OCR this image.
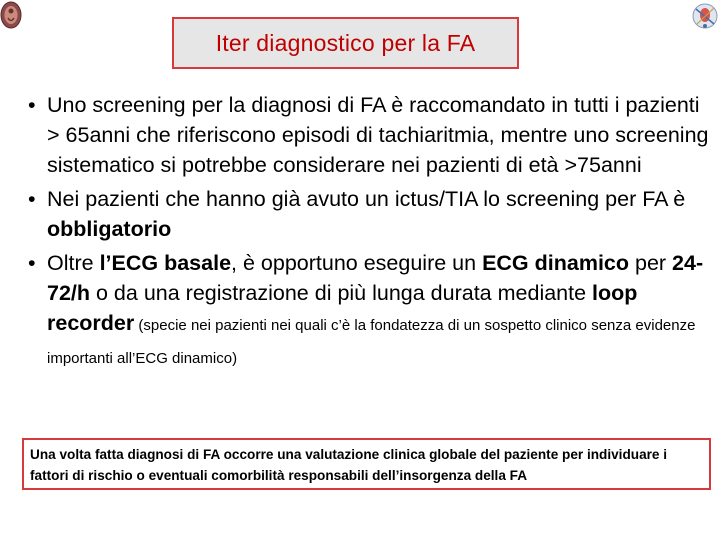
Iter diagnostico per la FA
• Uno screening per la diagnosi di FA è raccomandato in tutti i pazienti > 65anni che riferiscono episodi di tachiaritmia, mentre uno screening sistematico si potrebbe considerare nei pazienti di età >75anni
• Nei pazienti che hanno già avuto un ictus/TIA lo screening per FA è obbligatorio
• Oltre l’ECG basale, è opportuno eseguire un ECG dinamico per 24-72/h o da una registrazione di più lunga durata mediante loop recorder (specie nei pazienti nei quali c’è la fondatezza di un sospetto clinico senza evidenze importanti all’ECG dinamico)
Una volta fatta diagnosi di FA occorre una valutazione clinica globale del paziente per individuare i fattori di rischio o eventuali comorbilità responsabili dell’insorgenza della FA
